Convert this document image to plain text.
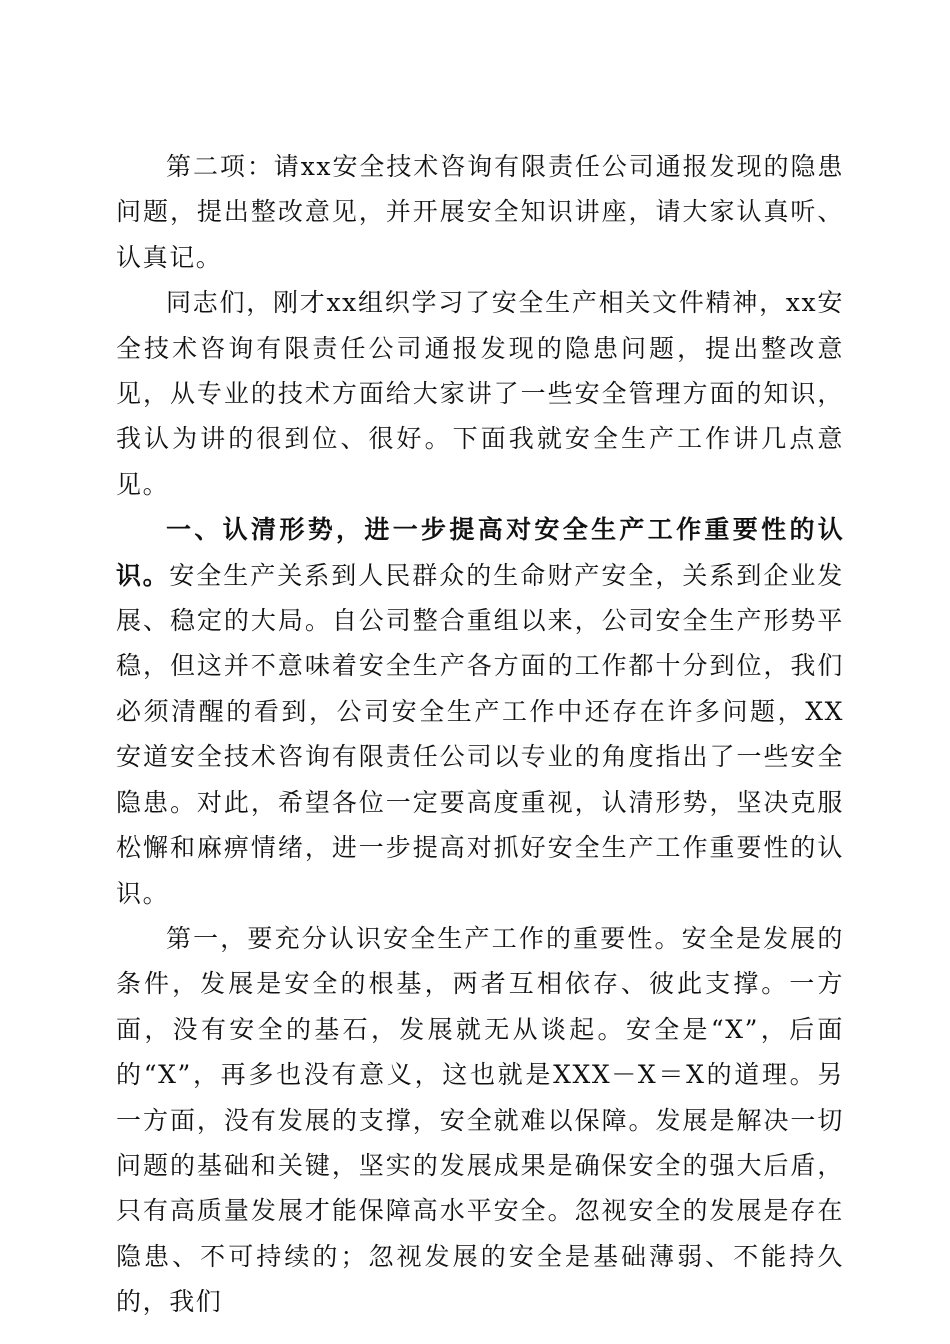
第二项：请xx安全技术咨询有限责任公司通报发现的隐患问题，提出整改意见，并开展安全知识讲座，请大家认真听、认真记。

同志们，刚才xx组织学习了安全生产相关文件精神，xx安全技术咨询有限责任公司通报发现的隐患问题，提出整改意见，从专业的技术方面给大家讲了一些安全管理方面的知识，我认为讲的很到位、很好。下面我就安全生产工作讲几点意见。

一、认清形势，进一步提高对安全生产工作重要性的认识。安全生产关系到人民群众的生命财产安全，关系到企业发展、稳定的大局。自公司整合重组以来，公司安全生产形势平稳，但这并不意味着安全生产各方面的工作都十分到位，我们必须清醒的看到，公司安全生产工作中还存在许多问题，XX安道安全技术咨询有限责任公司以专业的角度指出了一些安全隐患。对此，希望各位一定要高度重视，认清形势，坚决克服松懈和麻痹情绪，进一步提高对抓好安全生产工作重要性的认识。

第一，要充分认识安全生产工作的重要性。安全是发展的条件，发展是安全的根基，两者互相依存、彼此支撑。一方面，没有安全的基石，发展就无从谈起。安全是“X”，后面的“X”，再多也没有意义，这也就是XXX－X＝X的道理。另一方面，没有发展的支撑，安全就难以保障。发展是解决一切问题的基础和关键，坚实的发展成果是确保安全的强大后盾，只有高质量发展才能保障高水平安全。忽视安全的发展是存在隐患、不可持续的；忽视发展的安全是基础薄弱、不能持久的，我们
